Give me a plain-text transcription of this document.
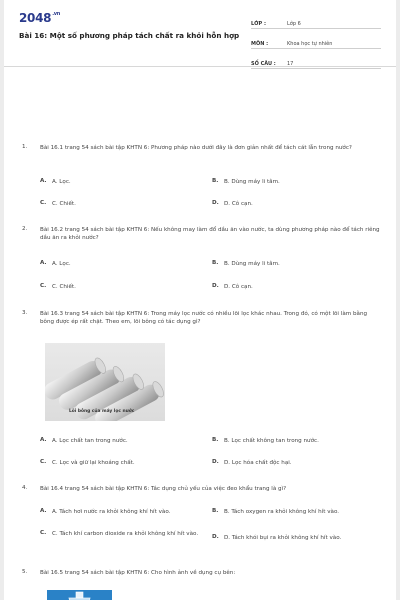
$2048^{.vn}$
Bài 16: Một số phương pháp tách chất ra khỏi hỗn hợp
LỚP :	Lớp 6
MÔN :	Khoa học tự nhiên
SỐ CÂU :	17
1. Bài 16.1 trang 54 sách bài tập KHTN 6: Phương pháp nào dưới đây là đơn giản nhất để tách cát lẫn trong nước?
A. A. Lọc.	B.	B. Dùng máy li tâm.
C.	C. Chiết.	D. D. Cô cạn.
2. Bài 16.2 trang 54 sách bài tập KHTN 6: Nếu không may làm đổ dầu ăn vào nước, ta dùng phương pháp nào để tách riêng dầu ăn ra khỏi nước?
A. A. Lọc.	B.	B. Dùng máy li tâm.
C.	C. Chiết.	D. D. Cô cạn.
3. Bài 16.3 trang 54 sách bài tập KHTN 6: Trong máy lọc nước có nhiều lõi lọc khác nhau. Trong đó, có một lõi làm bằng bông được ép rất chặt. Theo em, lõi bông có tác dụng gì?
Lõi bông của máy lọc nước
A. A. Lọc chất tan trong nước.	B.	B. Lọc chất không tan trong nước.
C.	C. Lọc và giữ lại khoáng chất.	D. D. Lọc hóa chất độc hại.
4. Bài 16.4 trang 54 sách bài tập KHTN 6: Tác dụng chủ yếu của việc đeo khẩu trang là gì?
A. A. Tách hơi nước ra khỏi không khí hít vào.	B.	B. Tách oxygen ra khỏi không khí hít vào.
C.	C. Tách khí carbon dioxide ra khỏi không khí hít vào.	D. D. Tách khói bụi ra khỏi không khí hít vào.
5. Bài 16.5 trang 54 sách bài tập KHTN 6: Cho hình ảnh về dụng cụ bên:
